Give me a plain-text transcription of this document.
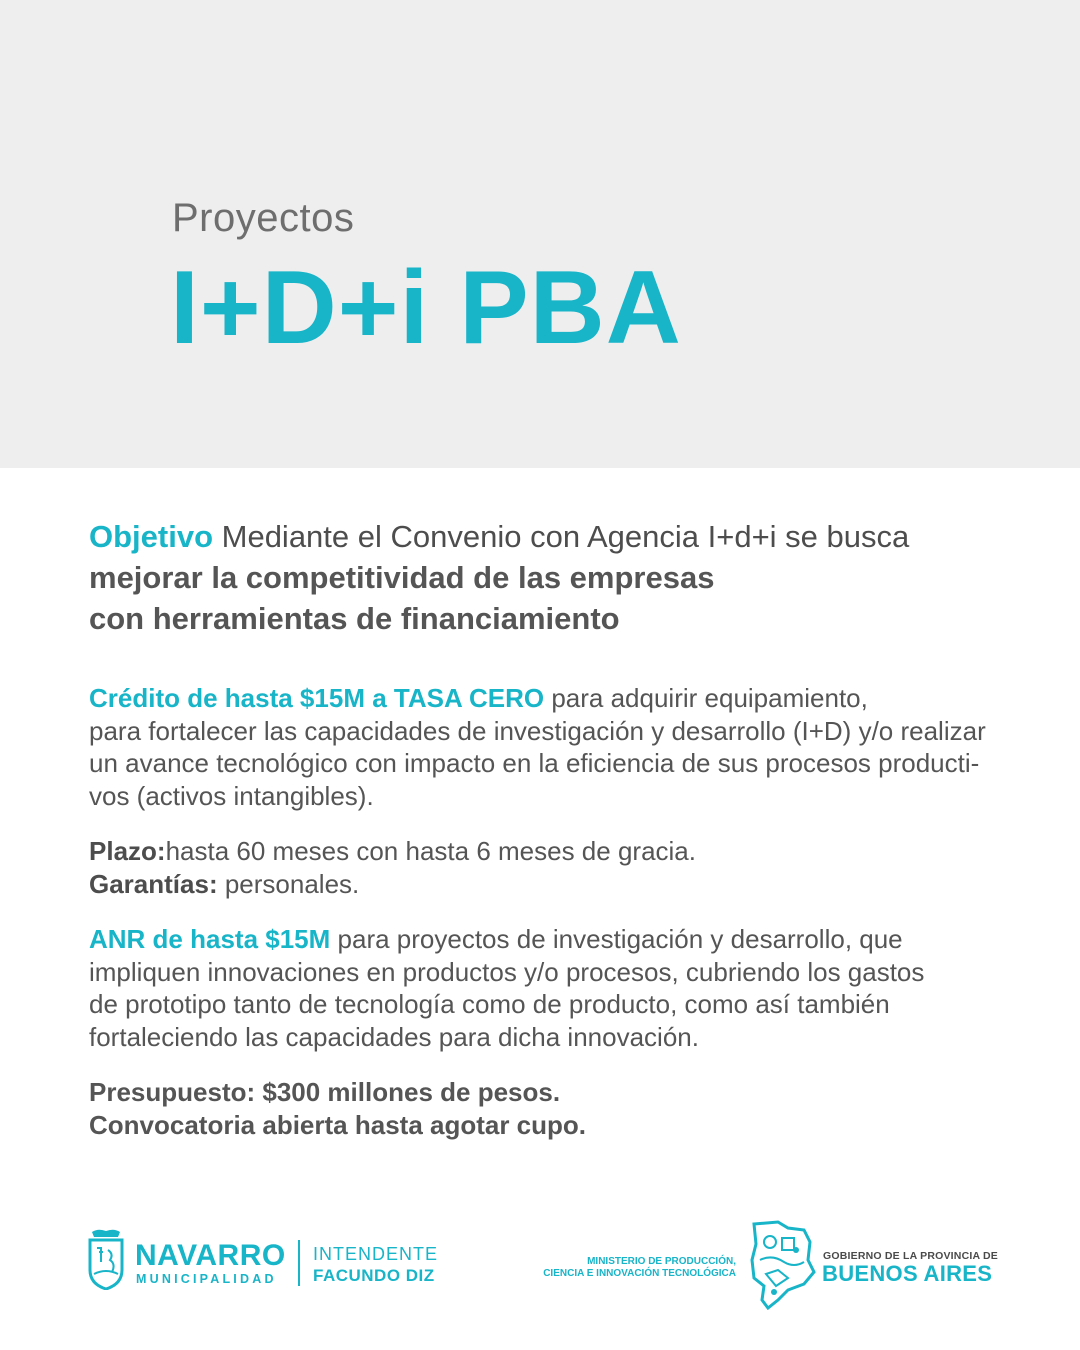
Proyectos
I+D+i PBA

Objetivo Mediante el Convenio con Agencia I+d+i se busca
mejorar la competitividad de las empresas
con herramientas de financiamiento

Crédito de hasta $15M a TASA CERO para adquirir equipamiento,
para fortalecer las capacidades de investigación y desarrollo (I+D) y/o realizar
un avance tecnológico con impacto en la eficiencia de sus procesos producti-
vos (activos intangibles).

Plazo:hasta 60 meses con hasta 6 meses de gracia.
Garantías: personales.

ANR de hasta $15M para proyectos de investigación y desarrollo, que
impliquen innovaciones en productos y/o procesos, cubriendo los gastos
de prototipo tanto de tecnología como de producto, como así también
fortaleciendo las capacidades para dicha innovación.

Presupuesto: $300 millones de pesos.
Convocatoria abierta hasta agotar cupo.

NAVARRO
MUNICIPALIDAD
INTENDENTE
FACUNDO DIZ
MINISTERIO DE PRODUCCIÓN,
CIENCIA E INNOVACIÓN TECNOLÓGICA
GOBIERNO DE LA PROVINCIA DE
BUENOS AIRES
